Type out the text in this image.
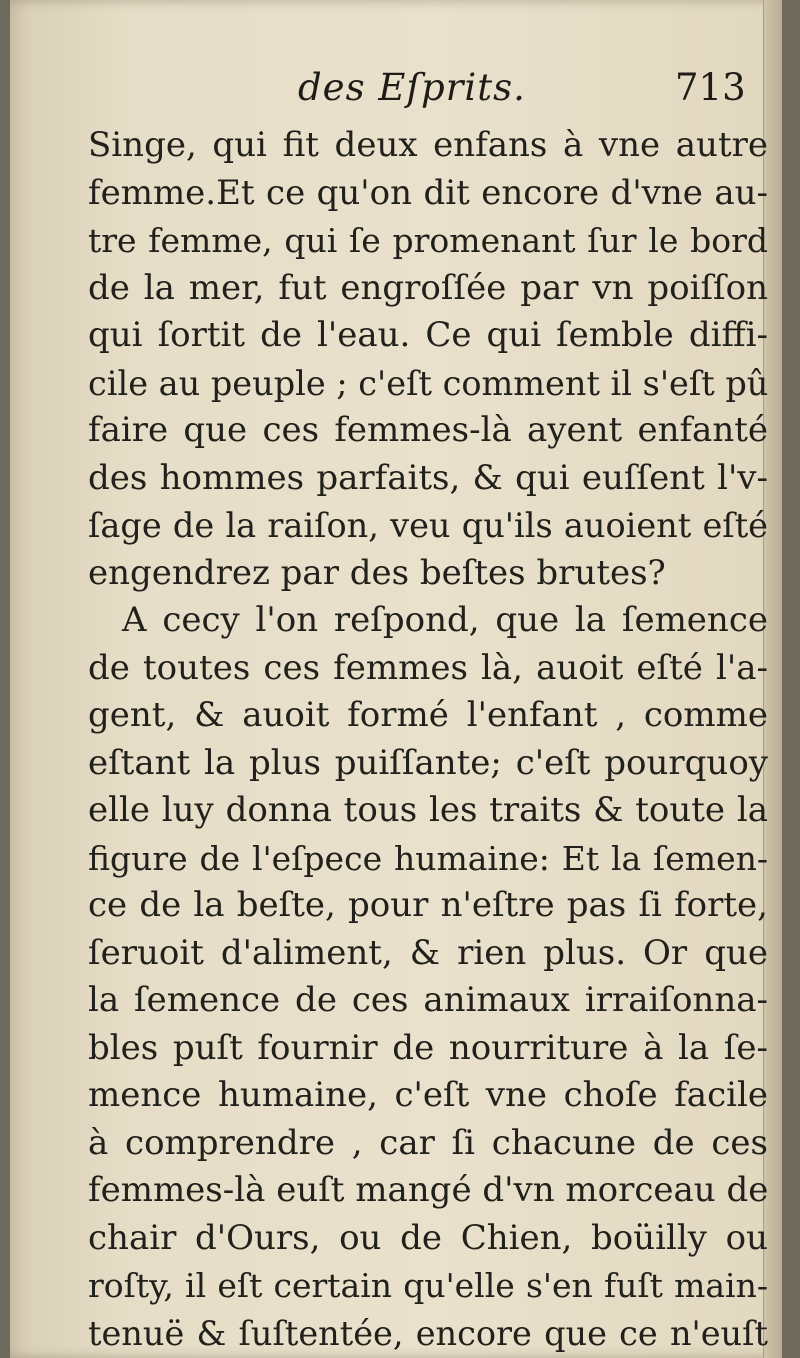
des Eſprits.	713
Singe, qui fit deux enfans à vne autre
femme.Et ce qu'on dit encore d'vne au-
tre femme, qui ſe promenant ſur le bord
de la mer, fut engroſſée par vn poiſſon
qui ſortit de l'eau. Ce qui ſemble diffi-
cile au peuple ; c'eſt comment il s'eſt pû
faire que ces femmes-là ayent enfanté
des hommes parfaits, & qui euſſent l'v-
ſage de la raiſon, veu qu'ils auoient eſté
engendrez par des beſtes brutes?
A cecy l'on reſpond, que la ſemence
de toutes ces femmes là, auoit eſté l'a-
gent, & auoit formé l'enfant , comme
eſtant la plus puiſſante; c'eſt pourquoy
elle luy donna tous les traits & toute la
figure de l'eſpece humaine: Et la ſemen-
ce de la beſte, pour n'eſtre pas ſi forte,
ſeruoit d'aliment, & rien plus. Or que
la ſemence de ces animaux irraiſonna-
bles puſt fournir de nourriture à la ſe-
mence humaine, c'eſt vne choſe facile
à comprendre , car ſi chacune de ces
femmes-là euſt mangé d'vn morceau de
chair d'Ours, ou de Chien, boüilly ou
roſty, il eſt certain qu'elle s'en fuſt main-
tenuë & ſuſtentée, encore que ce n'euſt
